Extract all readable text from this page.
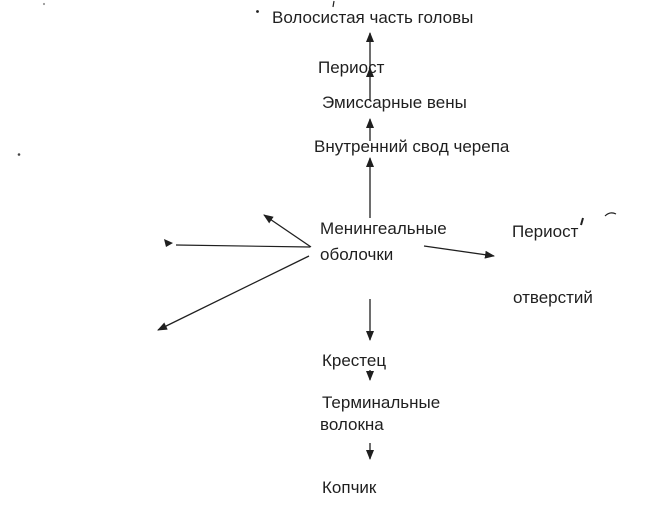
Волосистая часть головы
Периост
Эмиссарные вены
Внутренний свод черепа
Менингеальные
оболочки
Периост
отверстий
Крестец
Терминальные
волокна
Копчик
